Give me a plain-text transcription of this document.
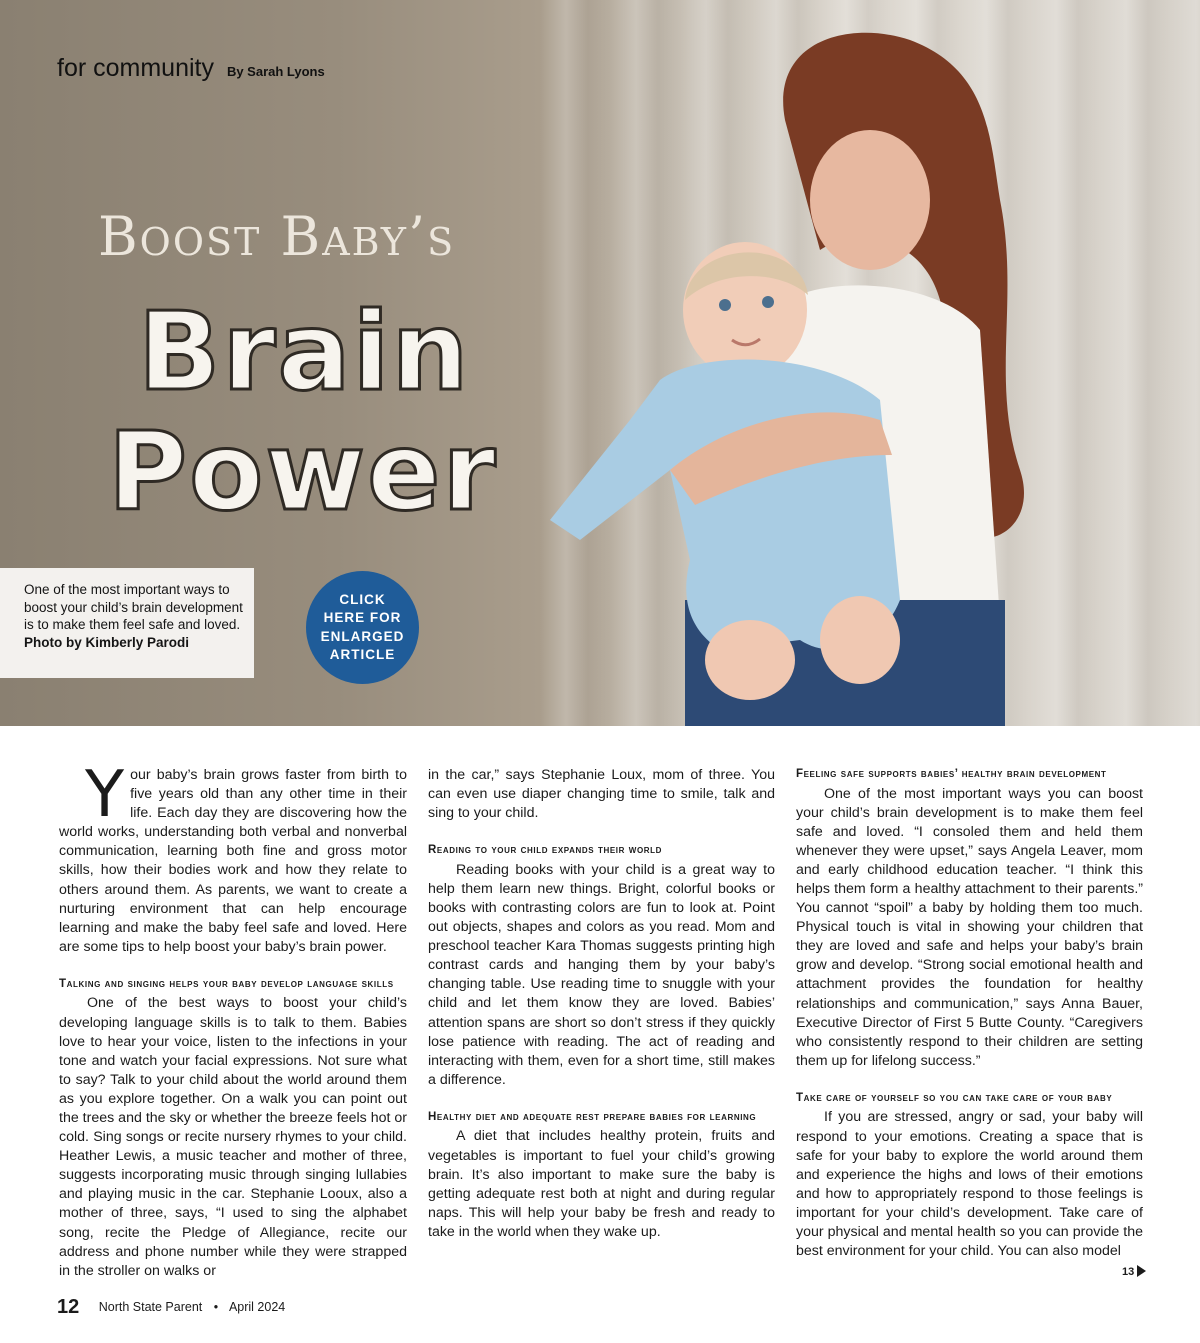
for community By Sarah Lyons
Boost Baby’s
Brain
Power
One of the most important ways to boost your child’s brain development is to make them feel safe and loved.
Photo by Kimberly Parodi
CLICK HERE FOR ENLARGED ARTICLE

Your baby’s brain grows faster from birth to five years old than any other time in their life. Each day they are discovering how the world works, understanding both verbal and nonverbal communication, learning both fine and gross motor skills, how their bodies work and how they relate to others around them. As parents, we want to create a nurturing environment that can help encourage learning and make the baby feel safe and loved. Here are some tips to help boost your baby’s brain power.

Talking and singing helps your baby develop language skills

One of the best ways to boost your child’s developing language skills is to talk to them. Babies love to hear your voice, listen to the infections in your tone and watch your facial expressions. Not sure what to say? Talk to your child about the world around them as you explore together. On a walk you can point out the trees and the sky or whether the breeze feels hot or cold. Sing songs or recite nursery rhymes to your child. Heather Lewis, a music teacher and mother of three, suggests incorporating music through singing lullabies and playing music in the car. Stephanie Looux, also a mother of three, says, “I used to sing the alphabet song, recite the Pledge of Allegiance, recite our address and phone number while they were strapped in the stroller on walks or

in the car,” says Stephanie Loux, mom of three. You can even use diaper changing time to smile, talk and sing to your child.

Reading to your child expands their world

Reading books with your child is a great way to help them learn new things. Bright, colorful books or books with contrasting colors are fun to look at. Point out objects, shapes and colors as you read. Mom and preschool teacher Kara Thomas suggests printing high contrast cards and hanging them by your baby’s changing table. Use reading time to snuggle with your child and let them know they are loved. Babies’ attention spans are short so don’t stress if they quickly lose patience with reading. The act of reading and interacting with them, even for a short time, still makes a difference.

Healthy diet and adequate rest prepare babies for learning

A diet that includes healthy protein, fruits and vegetables is important to fuel your child’s growing brain. It’s also important to make sure the baby is getting adequate rest both at night and during regular naps. This will help your baby be fresh and ready to take in the world when they wake up.

Feeling safe supports babies’ healthy brain development

One of the most important ways you can boost your child’s brain development is to make them feel safe and loved. “I consoled them and held them whenever they were upset,” says Angela Leaver, mom and early childhood education teacher. “I think this helps them form a healthy attachment to their parents.” You cannot “spoil” a baby by holding them too much. Physical touch is vital in showing your children that they are loved and safe and helps your baby’s brain grow and develop. “Strong social emotional health and attachment provides the foundation for healthy relationships and communication,” says Anna Bauer, Executive Director of First 5 Butte County. “Caregivers who consistently respond to their children are setting them up for lifelong success.”

Take care of yourself so you can take care of your baby

If you are stressed, angry or sad, your baby will respond to your emotions. Creating a space that is safe for your baby to explore the world around them and experience the highs and lows of their emotions and how to appropriately respond to those feelings is important for your child’s development. Take care of your physical and mental health so you can provide the best environment for your child. You can also model

13
12 North State Parent • April 2024
